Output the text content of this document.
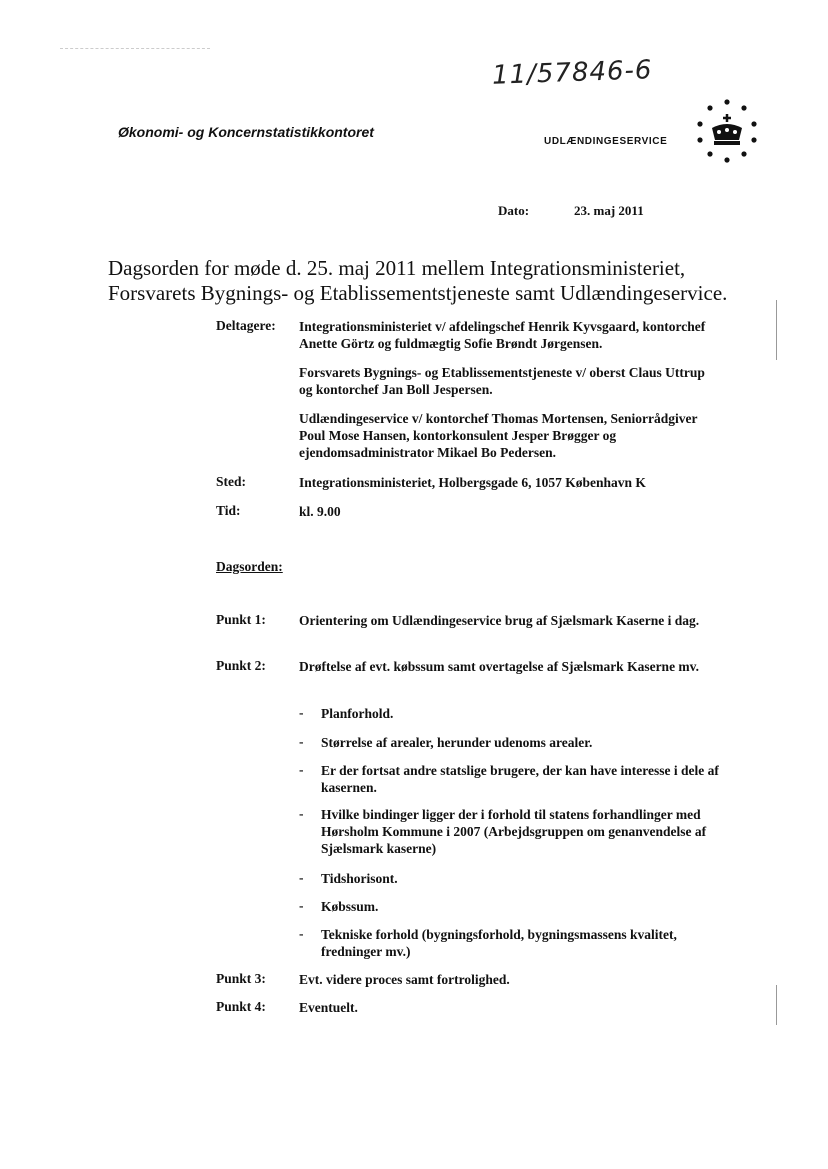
11/57846-6
Økonomi- og Koncernstatistikkontoret
UDLÆNDINGESERVICE
Dato:	23. maj 2011
Dagsorden for møde d. 25. maj 2011 mellem Integrationsministeriet, Forsvarets Bygnings- og Etablissementstjeneste samt Udlændingeservice.
Deltagere: Integrationsministeriet v/ afdelingschef Henrik Kyvsgaard, kontorchef Anette Görtz og fuldmægtig Sofie Brøndt Jørgensen.
Forsvarets Bygnings- og Etablissementstjeneste v/ oberst Claus Uttrup og kontorchef Jan Boll Jespersen.
Udlændingeservice v/ kontorchef Thomas Mortensen, Seniorrådgiver Poul Mose Hansen, kontorkonsulent Jesper Brøgger og ejendomsadministrator Mikael Bo Pedersen.
Sted:	Integrationsministeriet, Holbergsgade 6, 1057 København K
Tid:	kl. 9.00
Dagsorden:
Punkt 1: Orientering om Udlændingeservice brug af Sjælsmark Kaserne i dag.
Punkt 2: Drøftelse af evt. købssum samt overtagelse af Sjælsmark Kaserne mv.
- Planforhold.
- Størrelse af arealer, herunder udenoms arealer.
- Er der fortsat andre statslige brugere, der kan have interesse i dele af kasernen.
- Hvilke bindinger ligger der i forhold til statens forhandlinger med Hørsholm Kommune i 2007 (Arbejdsgruppen om genanvendelse af Sjælsmark kaserne)
- Tidshorisont.
- Købssum.
- Tekniske forhold (bygningsforhold, bygningsmassens kvalitet, fredninger mv.)
Punkt 3: Evt. videre proces samt fortrolighed.
Punkt 4: Eventuelt.
